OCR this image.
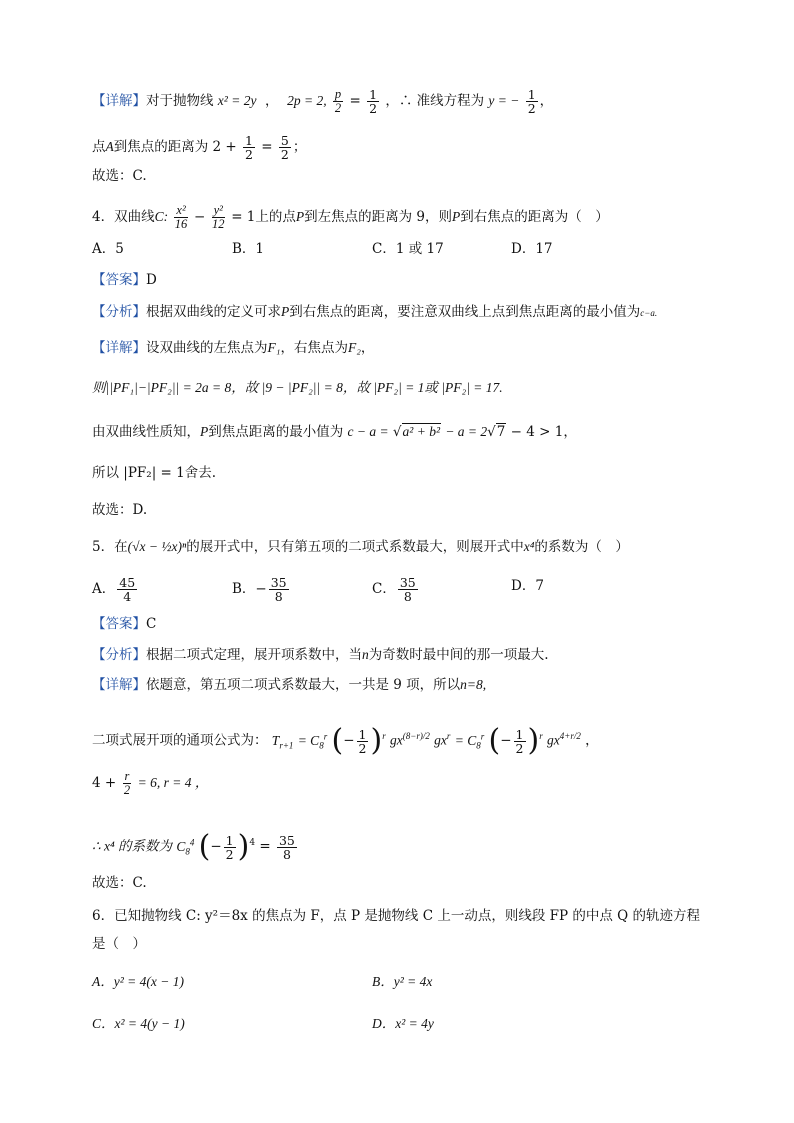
【详解】对于抛物线 x² = 2y  ，  2p = 2, $\frac{p}{2} = \frac{1}{2}$ ，∴ 准线方程为 y = − $\frac{1}{2}$ ，
点A到焦点的距离为 $2 + \frac{1}{2} = \frac{5}{2}$ ；
故选：C.
4．双曲线C: $\frac{\text{x²}}{16} - \frac{\text{y²}}{12} = 1$上的点P到左焦点的距离为 9，则P到右焦点的距离为（　）
A．5	B．1	C．1 或 17	D．17
【答案】D
【分析】根据双曲线的定义可求P到右焦点的距离，要注意双曲线上点到焦点距离的最小值为c−a.
【详解】设双曲线的左焦点为F₁，右焦点为F₂，
则||PF₁|−|PF₂|| = 2a = 8，故 |9 − |PF₂|| = 8，故 |PF₂| = 1或 |PF₂| = 17.
由双曲线性质知，P到焦点距离的最小值为 c − a = √a² + b² − a = 2√7 − 4 > 1，
所以 |PF₂| = 1舍去.
故选：D.
5．在(√x − ½x)ⁿ的展开式中，只有第五项的二项式系数最大，则展开式中x⁴的系数为（　）
A． $\frac{45}{4}$	B．− $\frac{35}{8}$	C． $\frac{35}{8}$	D．7
【答案】C
【分析】根据二项式定理，展开项系数中，当n为奇数时最中间的那一项最大.
【详解】依题意，第五项二项式系数最大，一共是 9 项，所以n=8,
二项式展开项的通项公式为： $T_{r+1} = C_8^r$ (− $\frac{1}{2} )^r$ $gx^{(8-r)/2}$ $gx^r = C_8^r$ (− $\frac{1}{2} )^r$ $gx^{4+r/2}$ ，
$4 + \frac{r}{2} = 6$, r = 4 ，
∴ x⁴ 的系数为 $C_8^4$ (− $\frac{1}{2} )^4 = \frac{35}{8}$
故选：C.
6．已知抛物线 C: y²＝8x 的焦点为 F，点 P 是抛物线 C 上一动点，则线段 FP 的中点 Q 的轨迹方程
是（　）
A．y² = 4(x − 1)	B．y² = 4x
C．x² = 4(y − 1)	D．x² = 4y
